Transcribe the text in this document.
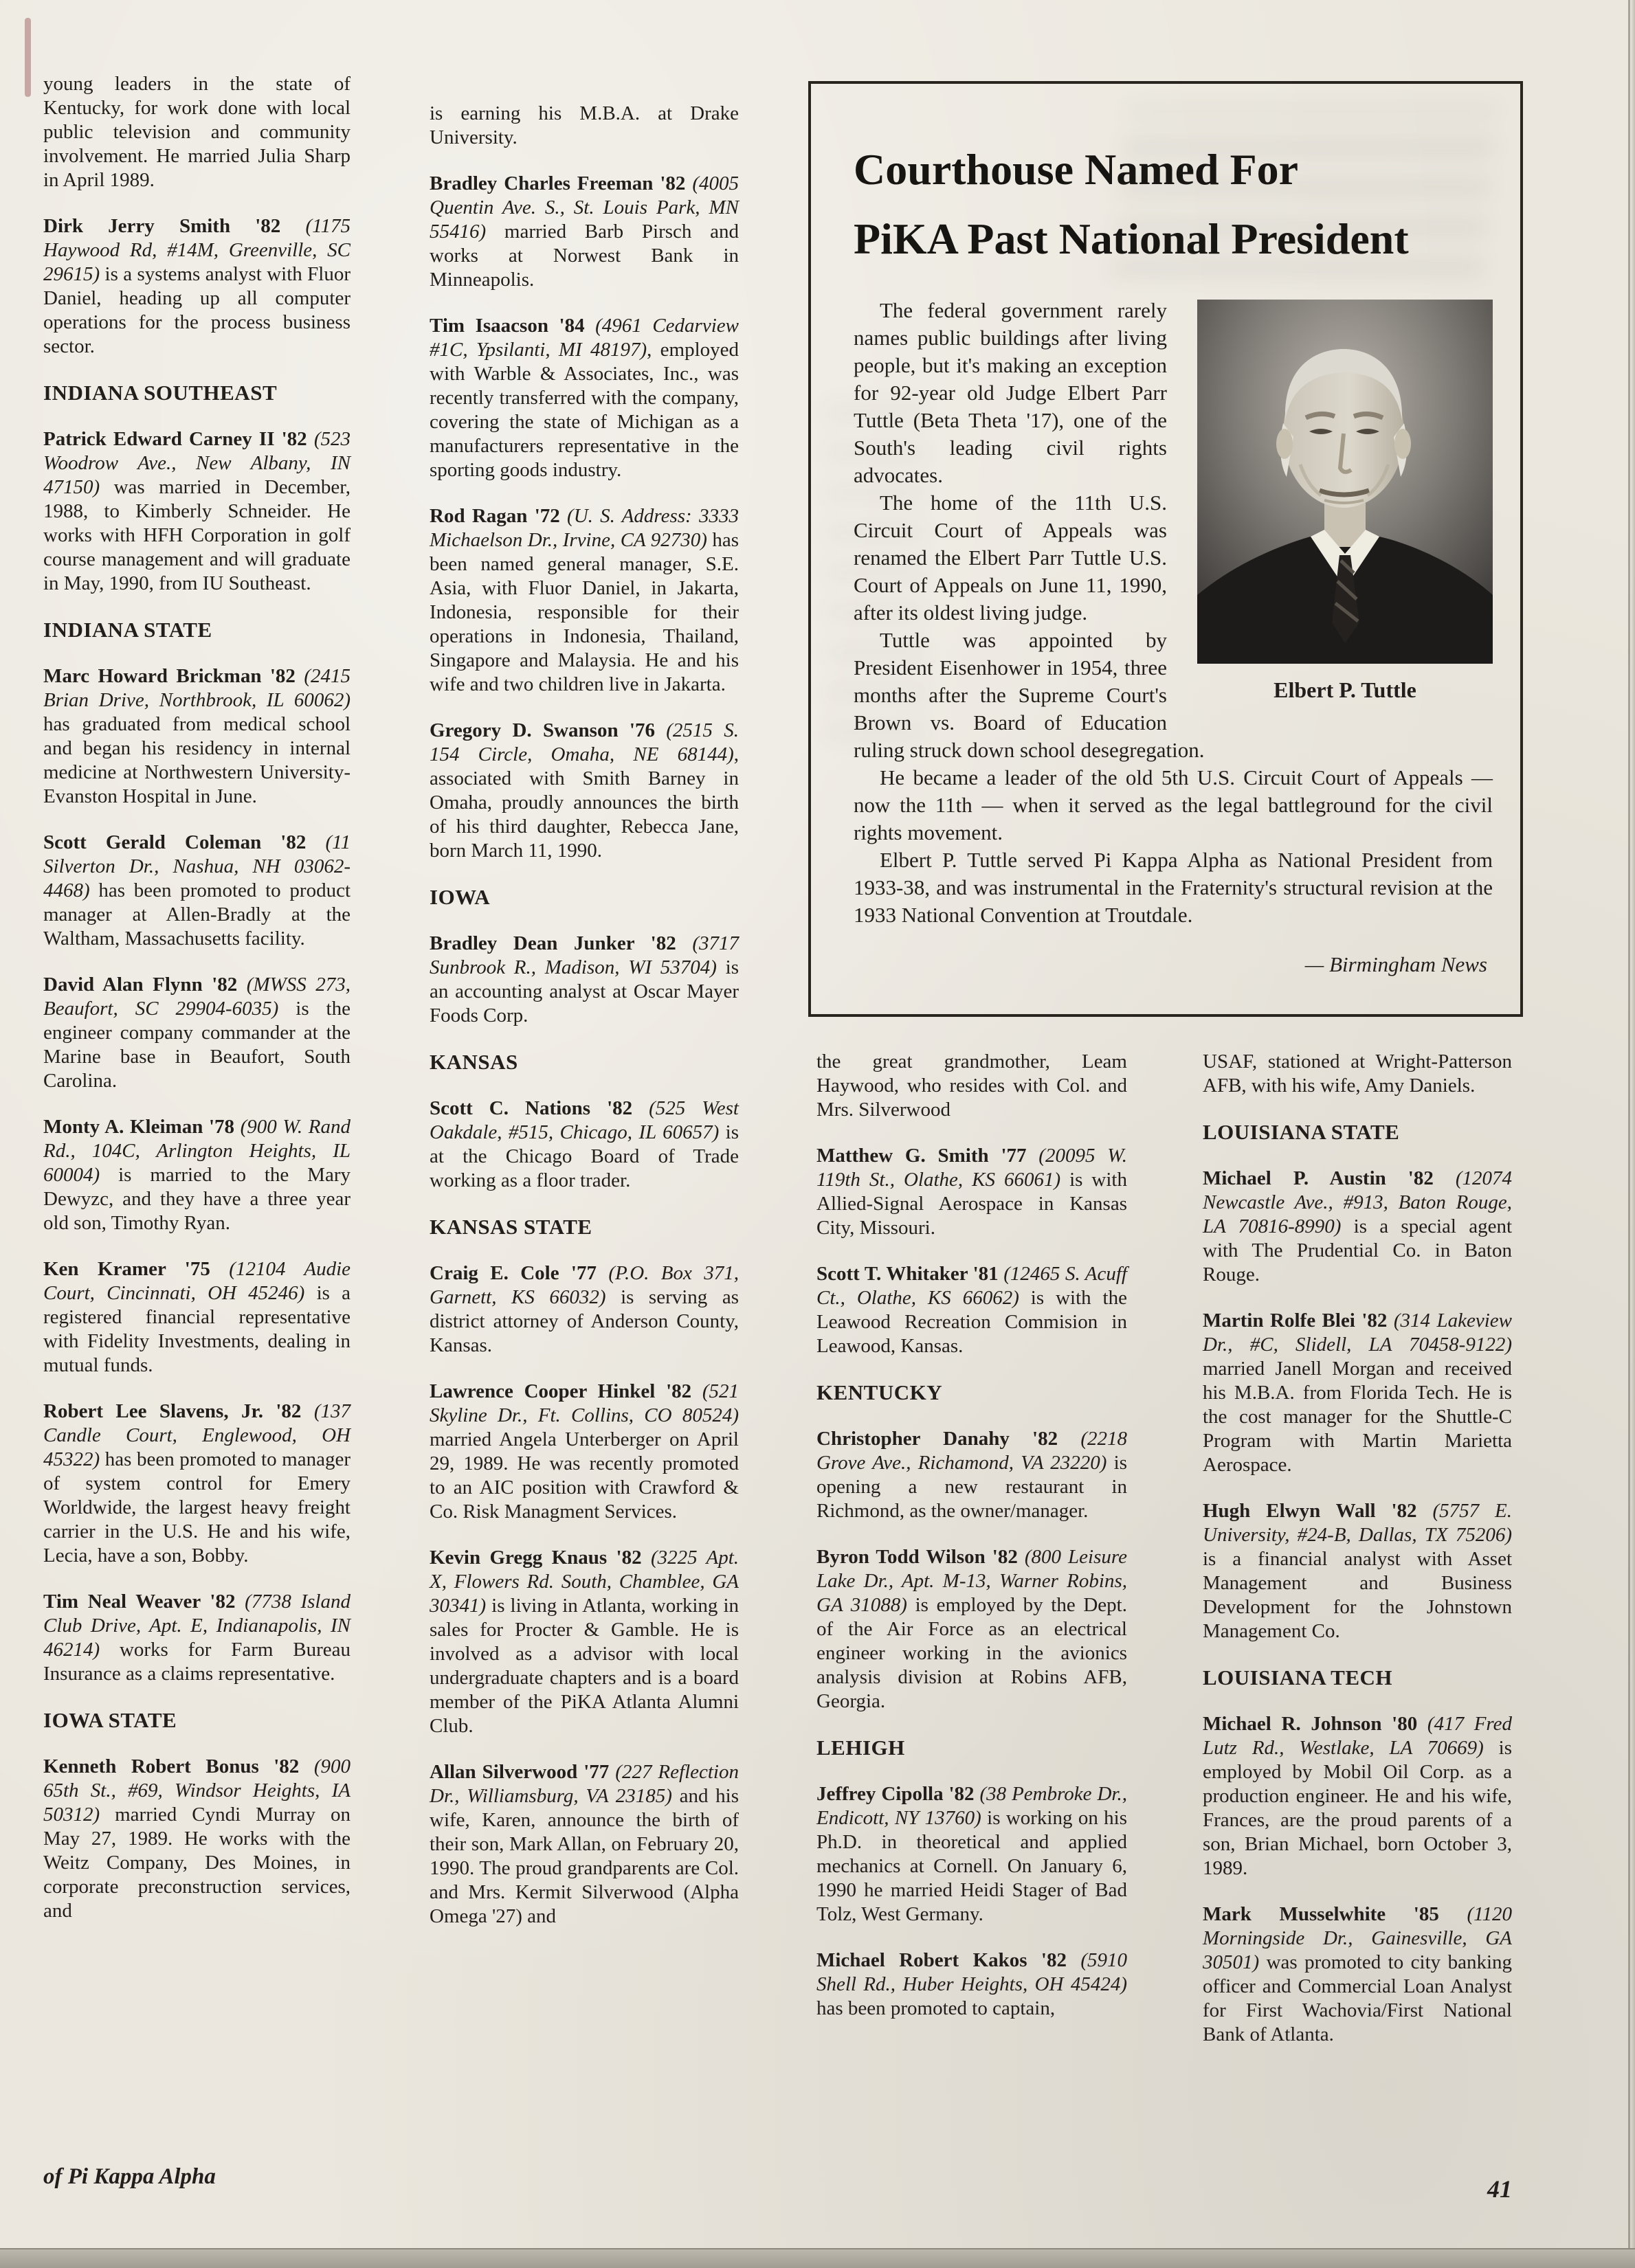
young leaders in the state of Kentucky, for work done with local public television and community involvement. He married Julia Sharp in April 1989.

Dirk Jerry Smith '82 (1175 Haywood Rd, #14M, Greenville, SC 29615) is a systems analyst with Fluor Daniel, heading up all computer operations for the process business sector.

INDIANA SOUTHEAST

Patrick Edward Carney II '82 (523 Woodrow Ave., New Albany, IN 47150) was married in December, 1988, to Kimberly Schneider. He works with HFH Corporation in golf course management and will graduate in May, 1990, from IU Southeast.

INDIANA STATE

Marc Howard Brickman '82 (2415 Brian Drive, Northbrook, IL 60062) has graduated from medical school and began his residency in internal medicine at Northwestern University-Evanston Hospital in June.

Scott Gerald Coleman '82 (11 Silverton Dr., Nashua, NH 03062-4468) has been promoted to product manager at Allen-Bradly at the Waltham, Massachusetts facility.

David Alan Flynn '82 (MWSS 273, Beaufort, SC 29904-6035) is the engineer company commander at the Marine base in Beaufort, South Carolina.

Monty A. Kleiman '78 (900 W. Rand Rd., 104C, Arlington Heights, IL 60004) is married to the Mary Dewyzc, and they have a three year old son, Timothy Ryan.

Ken Kramer '75 (12104 Audie Court, Cincinnati, OH 45246) is a registered financial representative with Fidelity Investments, dealing in mutual funds.

Robert Lee Slavens, Jr. '82 (137 Candle Court, Englewood, OH 45322) has been promoted to manager of system control for Emery Worldwide, the largest heavy freight carrier in the U.S. He and his wife, Lecia, have a son, Bobby.

Tim Neal Weaver '82 (7738 Island Club Drive, Apt. E, Indianapolis, IN 46214) works for Farm Bureau Insurance as a claims representative.

IOWA STATE

Kenneth Robert Bonus '82 (900 65th St., #69, Windsor Heights, IA 50312) married Cyndi Murray on May 27, 1989. He works with the Weitz Company, Des Moines, in corporate preconstruction services, and

is earning his M.B.A. at Drake University.

Bradley Charles Freeman '82 (4005 Quentin Ave. S., St. Louis Park, MN 55416) married Barb Pirsch and works at Norwest Bank in Minneapolis.

Tim Isaacson '84 (4961 Cedarview #1C, Ypsilanti, MI 48197), employed with Warble & Associates, Inc., was recently transferred with the company, covering the state of Michigan as a manufacturers representative in the sporting goods industry.

Rod Ragan '72 (U. S. Address: 3333 Michaelson Dr., Irvine, CA 92730) has been named general manager, S.E. Asia, with Fluor Daniel, in Jakarta, Indonesia, responsible for their operations in Indonesia, Thailand, Singapore and Malaysia. He and his wife and two children live in Jakarta.

Gregory D. Swanson '76 (2515 S. 154 Circle, Omaha, NE 68144), associated with Smith Barney in Omaha, proudly announces the birth of his third daughter, Rebecca Jane, born March 11, 1990.

IOWA

Bradley Dean Junker '82 (3717 Sunbrook R., Madison, WI 53704) is an accounting analyst at Oscar Mayer Foods Corp.

KANSAS

Scott C. Nations '82 (525 West Oakdale, #515, Chicago, IL 60657) is at the Chicago Board of Trade working as a floor trader.

KANSAS STATE

Craig E. Cole '77 (P.O. Box 371, Garnett, KS 66032) is serving as district attorney of Anderson County, Kansas.

Lawrence Cooper Hinkel '82 (521 Skyline Dr., Ft. Collins, CO 80524) married Angela Unterberger on April 29, 1989. He was recently promoted to an AIC position with Crawford & Co. Risk Managment Services.

Kevin Gregg Knaus '82 (3225 Apt. X, Flowers Rd. South, Chamblee, GA 30341) is living in Atlanta, working in sales for Procter & Gamble. He is involved as a advisor with local undergraduate chapters and is a board member of the PiKA Atlanta Alumni Club.

Allan Silverwood '77 (227 Reflection Dr., Williamsburg, VA 23185) and his wife, Karen, announce the birth of their son, Mark Allan, on February 20, 1990. The proud grandparents are Col. and Mrs. Kermit Silverwood (Alpha Omega '27) and

the great grandmother, Leam Haywood, who resides with Col. and Mrs. Silverwood

Matthew G. Smith '77 (20095 W. 119th St., Olathe, KS 66061) is with Allied-Signal Aerospace in Kansas City, Missouri.

Scott T. Whitaker '81 (12465 S. Acuff Ct., Olathe, KS 66062) is with the Leawood Recreation Commision in Leawood, Kansas.

KENTUCKY

Christopher Danahy '82 (2218 Grove Ave., Richamond, VA 23220) is opening a new restaurant in Richmond, as the owner/manager.

Byron Todd Wilson '82 (800 Leisure Lake Dr., Apt. M-13, Warner Robins, GA 31088) is employed by the Dept. of the Air Force as an electrical engineer working in the avionics analysis division at Robins AFB, Georgia.

LEHIGH

Jeffrey Cipolla '82 (38 Pembroke Dr., Endicott, NY 13760) is working on his Ph.D. in theoretical and applied mechanics at Cornell. On January 6, 1990 he married Heidi Stager of Bad Tolz, West Germany.

Michael Robert Kakos '82 (5910 Shell Rd., Huber Heights, OH 45424) has been promoted to captain,

USAF, stationed at Wright-Patterson AFB, with his wife, Amy Daniels.

LOUISIANA STATE

Michael P. Austin '82 (12074 Newcastle Ave., #913, Baton Rouge, LA 70816-8990) is a special agent with The Prudential Co. in Baton Rouge.

Martin Rolfe Blei '82 (314 Lakeview Dr., #C, Slidell, LA 70458-9122) married Janell Morgan and received his M.B.A. from Florida Tech. He is the cost manager for the Shuttle-C Program with Martin Marietta Aerospace.

Hugh Elwyn Wall '82 (5757 E. University, #24-B, Dallas, TX 75206) is a financial analyst with Asset Management and Business Development for the Johnstown Management Co.

LOUISIANA TECH

Michael R. Johnson '80 (417 Fred Lutz Rd., Westlake, LA 70669) is employed by Mobil Oil Corp. as a production engineer. He and his wife, Frances, are the proud parents of a son, Brian Michael, born October 3, 1989.

Mark Musselwhite '85 (1120 Morningside Dr., Gainesville, GA 30501) was promoted to city banking officer and Commercial Loan Analyst for First Wachovia/First National Bank of Atlanta.

Courthouse Named For
PiKA Past National President
Elbert P. Tuttle

The federal government rarely names public buildings after living people, but it's making an exception for 92-year old Judge Elbert Parr Tuttle (Beta Theta '17), one of the South's leading civil rights advocates.

The home of the 11th U.S. Circuit Court of Appeals was renamed the Elbert Parr Tuttle U.S. Court of Appeals on June 11, 1990, after its oldest living judge.

Tuttle was appointed by President Eisenhower in 1954, three months after the Supreme Court's Brown vs. Board of Education ruling struck down school desegregation.

He became a leader of the old 5th U.S. Circuit Court of Appeals — now the 11th — when it served as the legal battleground for the civil rights movement.

Elbert P. Tuttle served Pi Kappa Alpha as National President from 1933-38, and was instrumental in the Fraternity's structural revision at the 1933 National Convention at Troutdale.

— Birmingham News
of Pi Kappa Alpha	41
